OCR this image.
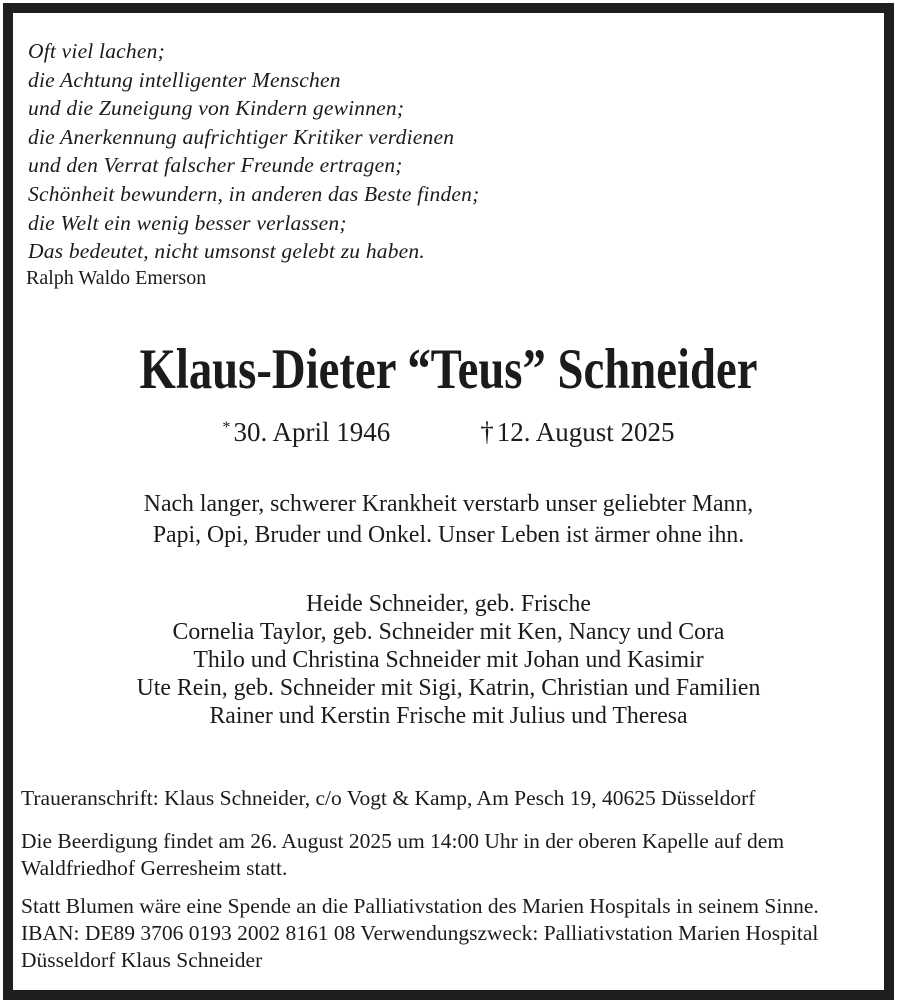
Oft viel lachen;
die Achtung intelligenter Menschen
und die Zuneigung von Kindern gewinnen;
die Anerkennung aufrichtiger Kritiker verdienen
und den Verrat falscher Freunde ertragen;
Schönheit bewundern, in anderen das Beste finden;
die Welt ein wenig besser verlassen;
Das bedeutet, nicht umsonst gelebt zu haben.
Ralph Waldo Emerson
Klaus-Dieter “Teus” Schneider
* 30. April 1946	† 12. August 2025
Nach langer, schwerer Krankheit verstarb unser geliebter Mann,
Papi, Opi, Bruder und Onkel. Unser Leben ist ärmer ohne ihn.
Heide Schneider, geb. Frische
Cornelia Taylor, geb. Schneider mit Ken, Nancy und Cora
Thilo und Christina Schneider mit Johan und Kasimir
Ute Rein, geb. Schneider mit Sigi, Katrin, Christian und Familien
Rainer und Kerstin Frische mit Julius und Theresa
Traueranschrift: Klaus Schneider, c/o Vogt & Kamp, Am Pesch 19, 40625 Düsseldorf
Die Beerdigung findet am 26. August 2025 um 14:00 Uhr in der oberen Kapelle auf dem
Waldfriedhof Gerresheim statt.
Statt Blumen wäre eine Spende an die Palliativstation des Marien Hospitals in seinem Sinne.
IBAN: DE89 3706 0193 2002 8161 08 Verwendungszweck: Palliativstation Marien Hospital
Düsseldorf Klaus Schneider
